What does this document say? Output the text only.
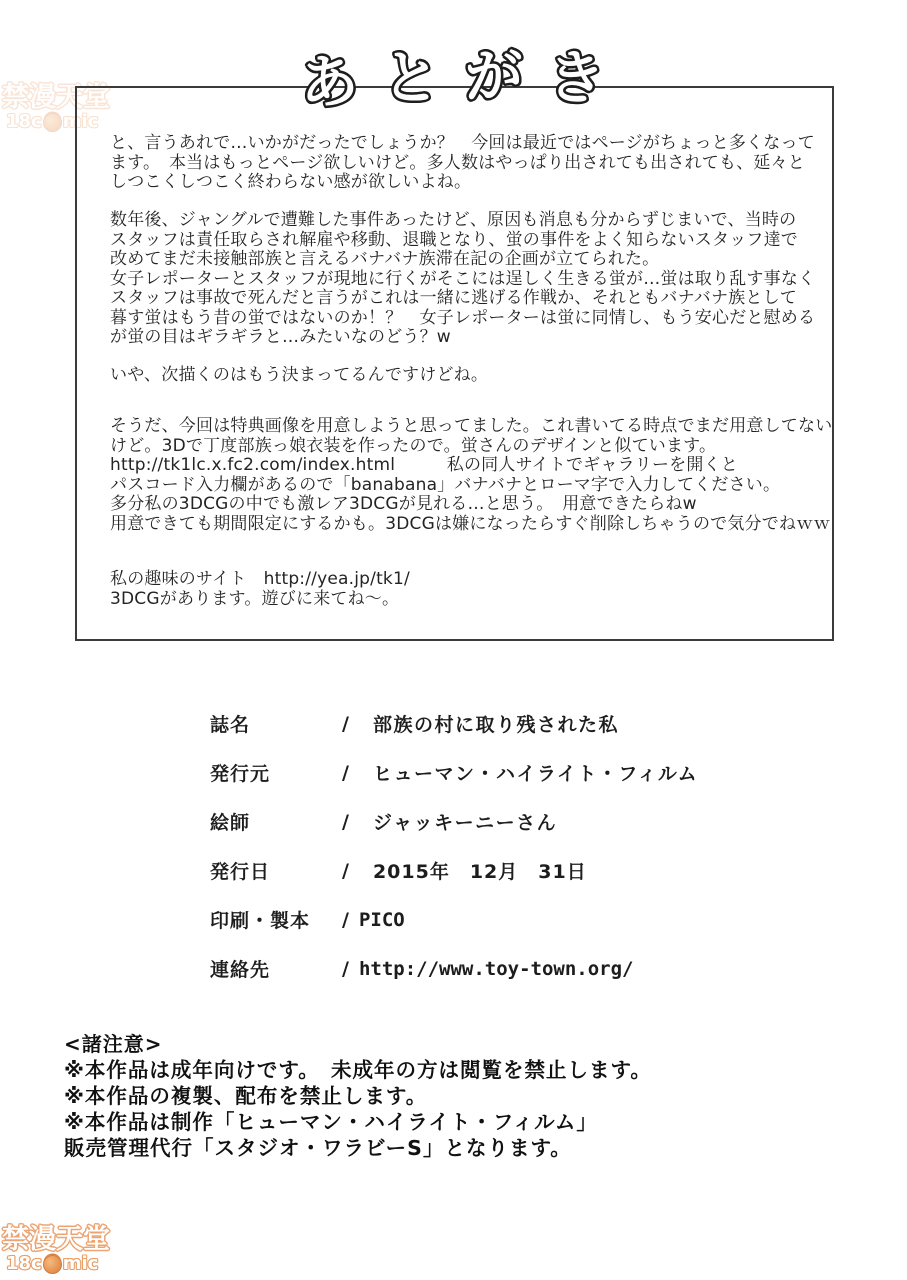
禁漫天堂
18c mic
あ と が き
と、言うあれで…いかがだったでしょうか？　今回は最近ではページがちょっと多くなって
ます。　本当はもっとページ欲しいけど。多人数はやっぱり出されても出されても、延々と
しつこくしつこく終わらない感が欲しいよね。
数年後、ジャングルで遭難した事件あったけど、原因も消息も分からずじまいで、当時の
スタッフは責任取らされ解雇や移動、退職となり、蛍の事件をよく知らないスタッフ達で
改めてまだ未接触部族と言えるバナバナ族滞在記の企画が立てられた。
女子レポーターとスタッフが現地に行くがそこには逞しく生きる蛍が…蛍は取り乱す事なく
スタッフは事故で死んだと言うがこれは一緒に逃げる作戦か、それともバナバナ族として
暮す蛍はもう昔の蛍ではないのか！？　女子レポーターは蛍に同情し、もう安心だと慰める
が蛍の目はギラギラと…みたいなのどう？w
いや、次描くのはもう決まってるんですけどね。
そうだ、今回は特典画像を用意しようと思ってました。これ書いてる時点でまだ用意してない
けど。3Dで丁度部族っ娘衣装を作ったので。蛍さんのデザインと似ています。
http://tk1lc.x.fc2.com/index.html　　　私の同人サイトでギャラリーを開くと
パスコード入力欄があるので「banabana」バナバナとローマ字で入力してください。
多分私の3DCGの中でも激レア3DCGが見れる…と思う。　用意できたらねw
用意できても期間限定にするかも。3DCGは嫌になったらすぐ削除しちゃうので気分でねｗｗ
私の趣味のサイト　http://yea.jp/tk1/
3DCGがあります。遊びに来てね～。
誌名	/ 部族の村に取り残された私
発行元	/ ヒューマン・ハイライト・フィルム
絵師	/ ジャッキーニーさん
発行日	/ 2015年　12月　31日
印刷・製本	/ PICO
連絡先	/ http://www.toy-town.org/
<諸注意>
※本作品は成年向けです。　未成年の方は閲覧を禁止します。
※本作品の複製、配布を禁止します。
※本作品は制作「ヒューマン・ハイライト・フィルム」
販売管理代行「スタジオ・ワラビーS」となります。
禁漫天堂
18c mic
